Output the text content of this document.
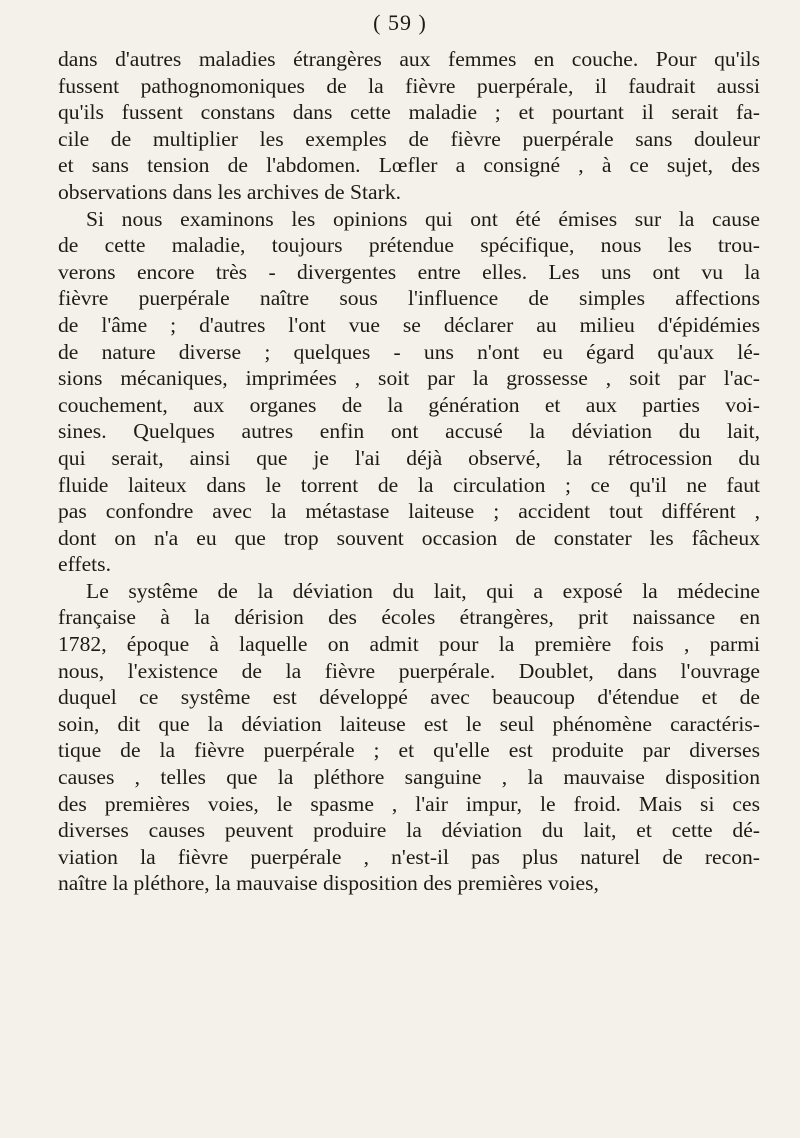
( 59 )

dans d'autres maladies étrangères aux femmes en couche. Pour qu'ils
fussent pathognomoniques de la fièvre puerpérale, il faudrait aussi
qu'ils fussent constans dans cette maladie ; et pourtant il serait fa-
cile de multiplier les exemples de fièvre puerpérale sans douleur
et sans tension de l'abdomen. Lœfler a consigné , à ce sujet, des
observations dans les archives de Stark.

Si nous examinons les opinions qui ont été émises sur la cause
de cette maladie, toujours prétendue spécifique, nous les trou-
verons encore très - divergentes entre elles. Les uns ont vu la
fièvre puerpérale naître sous l'influence de simples affections
de l'âme ; d'autres l'ont vue se déclarer au milieu d'épidémies
de nature diverse ; quelques - uns n'ont eu égard qu'aux lé-
sions mécaniques, imprimées , soit par la grossesse , soit par l'ac-
couchement, aux organes de la génération et aux parties voi-
sines. Quelques autres enfin ont accusé la déviation du lait,
qui serait, ainsi que je l'ai déjà observé, la rétrocession du
fluide laiteux dans le torrent de la circulation ; ce qu'il ne faut
pas confondre avec la métastase laiteuse ; accident tout différent ,
dont on n'a eu que trop souvent occasion de constater les fâcheux
effets.

Le systême de la déviation du lait, qui a exposé la médecine
française à la dérision des écoles étrangères, prit naissance en
1782, époque à laquelle on admit pour la première fois , parmi
nous, l'existence de la fièvre puerpérale. Doublet, dans l'ouvrage
duquel ce systême est développé avec beaucoup d'étendue et de
soin, dit que la déviation laiteuse est le seul phénomène caractéris-
tique de la fièvre puerpérale ; et qu'elle est produite par diverses
causes , telles que la pléthore sanguine , la mauvaise disposition
des premières voies, le spasme , l'air impur, le froid. Mais si ces
diverses causes peuvent produire la déviation du lait, et cette dé-
viation la fièvre puerpérale , n'est-il pas plus naturel de recon-
naître la pléthore, la mauvaise disposition des premières voies,
